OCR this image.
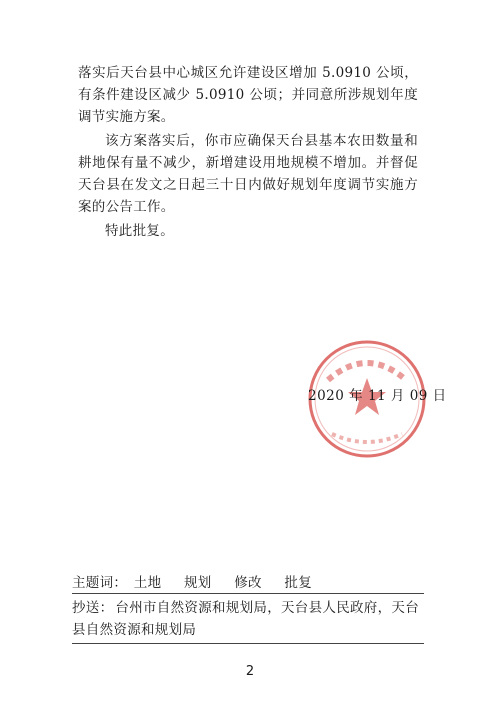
落实后天台县中心城区允许建设区增加 5.0910 公顷，有条件建设区减少 5.0910 公顷；并同意所涉规划年度调节实施方案。

该方案落实后，你市应确保天台县基本农田数量和耕地保有量不减少，新增建设用地规模不增加。并督促天台县在发文之日起三十日内做好规划年度调节实施方案的公告工作。

特此批复。

2020 年 11 月 09 日
主题词： 土地 规划 修改 批复
抄送： 台州市自然资源和规划局，天台县人民政府，天台县自然资源和规划局
2
